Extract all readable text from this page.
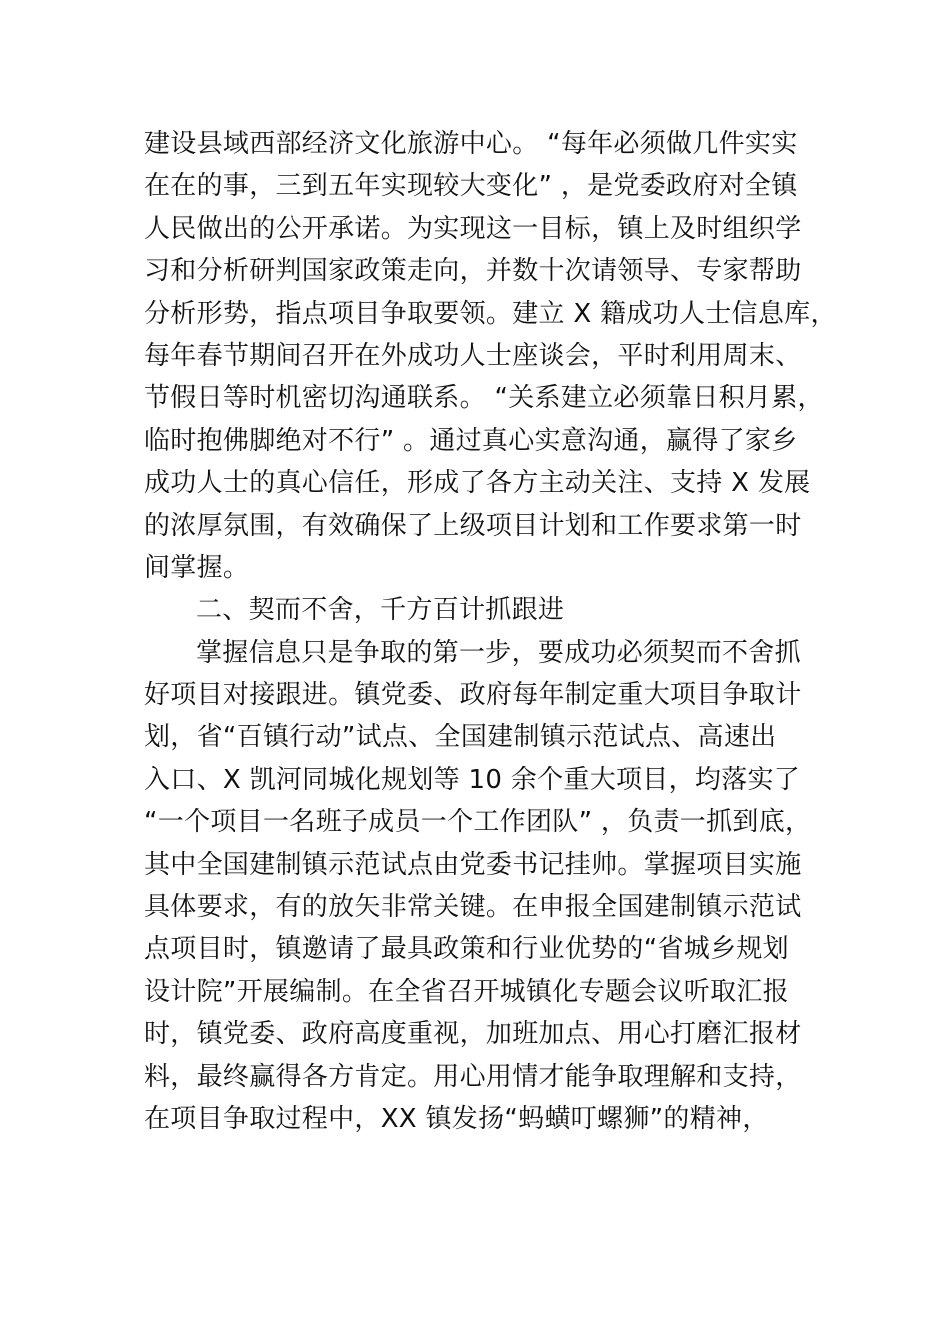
建设县域西部经济文化旅游中心。 “每年必须做几件实实
在在的事，三到五年实现较大变化” ，是党委政府对全镇
人民做出的公开承诺。为实现这一目标，镇上及时组织学
习和分析研判国家政策走向，并数十次请领导、专家帮助
分析形势，指点项目争取要领。建立 X 籍成功人士信息库，
每年春节期间召开在外成功人士座谈会，平时利用周末、
节假日等时机密切沟通联系。 “关系建立必须靠日积月累，
临时抱佛脚绝对不行” 。通过真心实意沟通，赢得了家乡
成功人士的真心信任，形成了各方主动关注、支持 X 发展
的浓厚氛围，有效确保了上级项目计划和工作要求第一时
间掌握。
二、契而不舍，千方百计抓跟进
掌握信息只是争取的第一步，要成功必须契而不舍抓
好项目对接跟进。镇党委、政府每年制定重大项目争取计
划，省“百镇行动”试点、全国建制镇示范试点、高速出
入口、X 凯河同城化规划等 10 余个重大项目，均落实了
“一个项目一名班子成员一个工作团队” ，负责一抓到底，
其中全国建制镇示范试点由党委书记挂帅。掌握项目实施
具体要求，有的放矢非常关键。在申报全国建制镇示范试
点项目时，镇邀请了最具政策和行业优势的“省城乡规划
设计院”开展编制。在全省召开城镇化专题会议听取汇报
时，镇党委、政府高度重视，加班加点、用心打磨汇报材
料，最终赢得各方肯定。用心用情才能争取理解和支持，
在项目争取过程中，XX 镇发扬“蚂蟥叮螺狮”的精神，
